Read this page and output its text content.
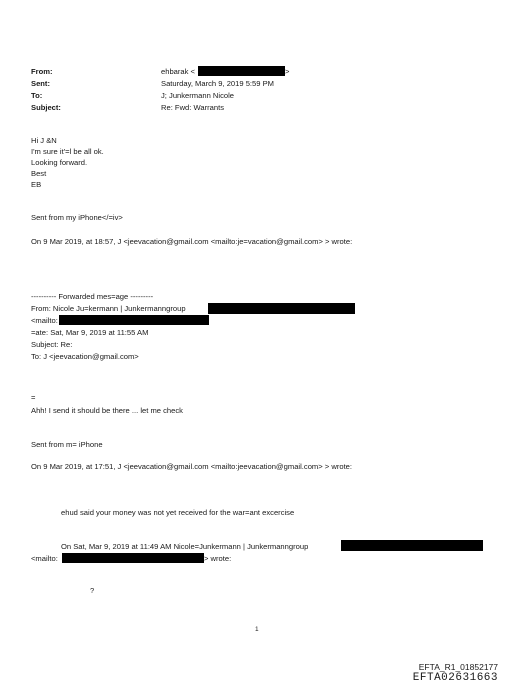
From:
Sent:
To:
Subject:
ehbarak <	>
Saturday, March 9, 2019 5:59 PM
J; Junkermann Nicole
Re: Fwd: Warrants
Hi J &N
I'm sure it'=l be all ok.
Looking forward.
Best
EB
Sent from my iPhone</=iv>
On 9 Mar 2019, at 18:57, J <jeevacation@gmail.com <mailto:je=vacation@gmail.com> > wrote:
---------- Forwarded mes=age ---------
From: Nicole Ju=kermann | Junkermanngroup
<mailto:
=ate: Sat, Mar 9, 2019 at 11:55 AM
Subject: Re:
To: J <jeevacation@gmail.com>
=
Ahh! I send it should be there ... let me check
Sent from m= iPhone
On 9 Mar 2019, at 17:51, J <jeevacation@gmail.com <mailto:jeevacation@gmail.com> > wrote:
ehud said your money was not yet received for the war=ant excercise
On Sat, Mar 9, 2019 at 11:49 AM Nicole=Junkermann | Junkermanngroup
<mailto:	> wrote:
?
1
EFTA_R1_01852177
EFTA02631663
